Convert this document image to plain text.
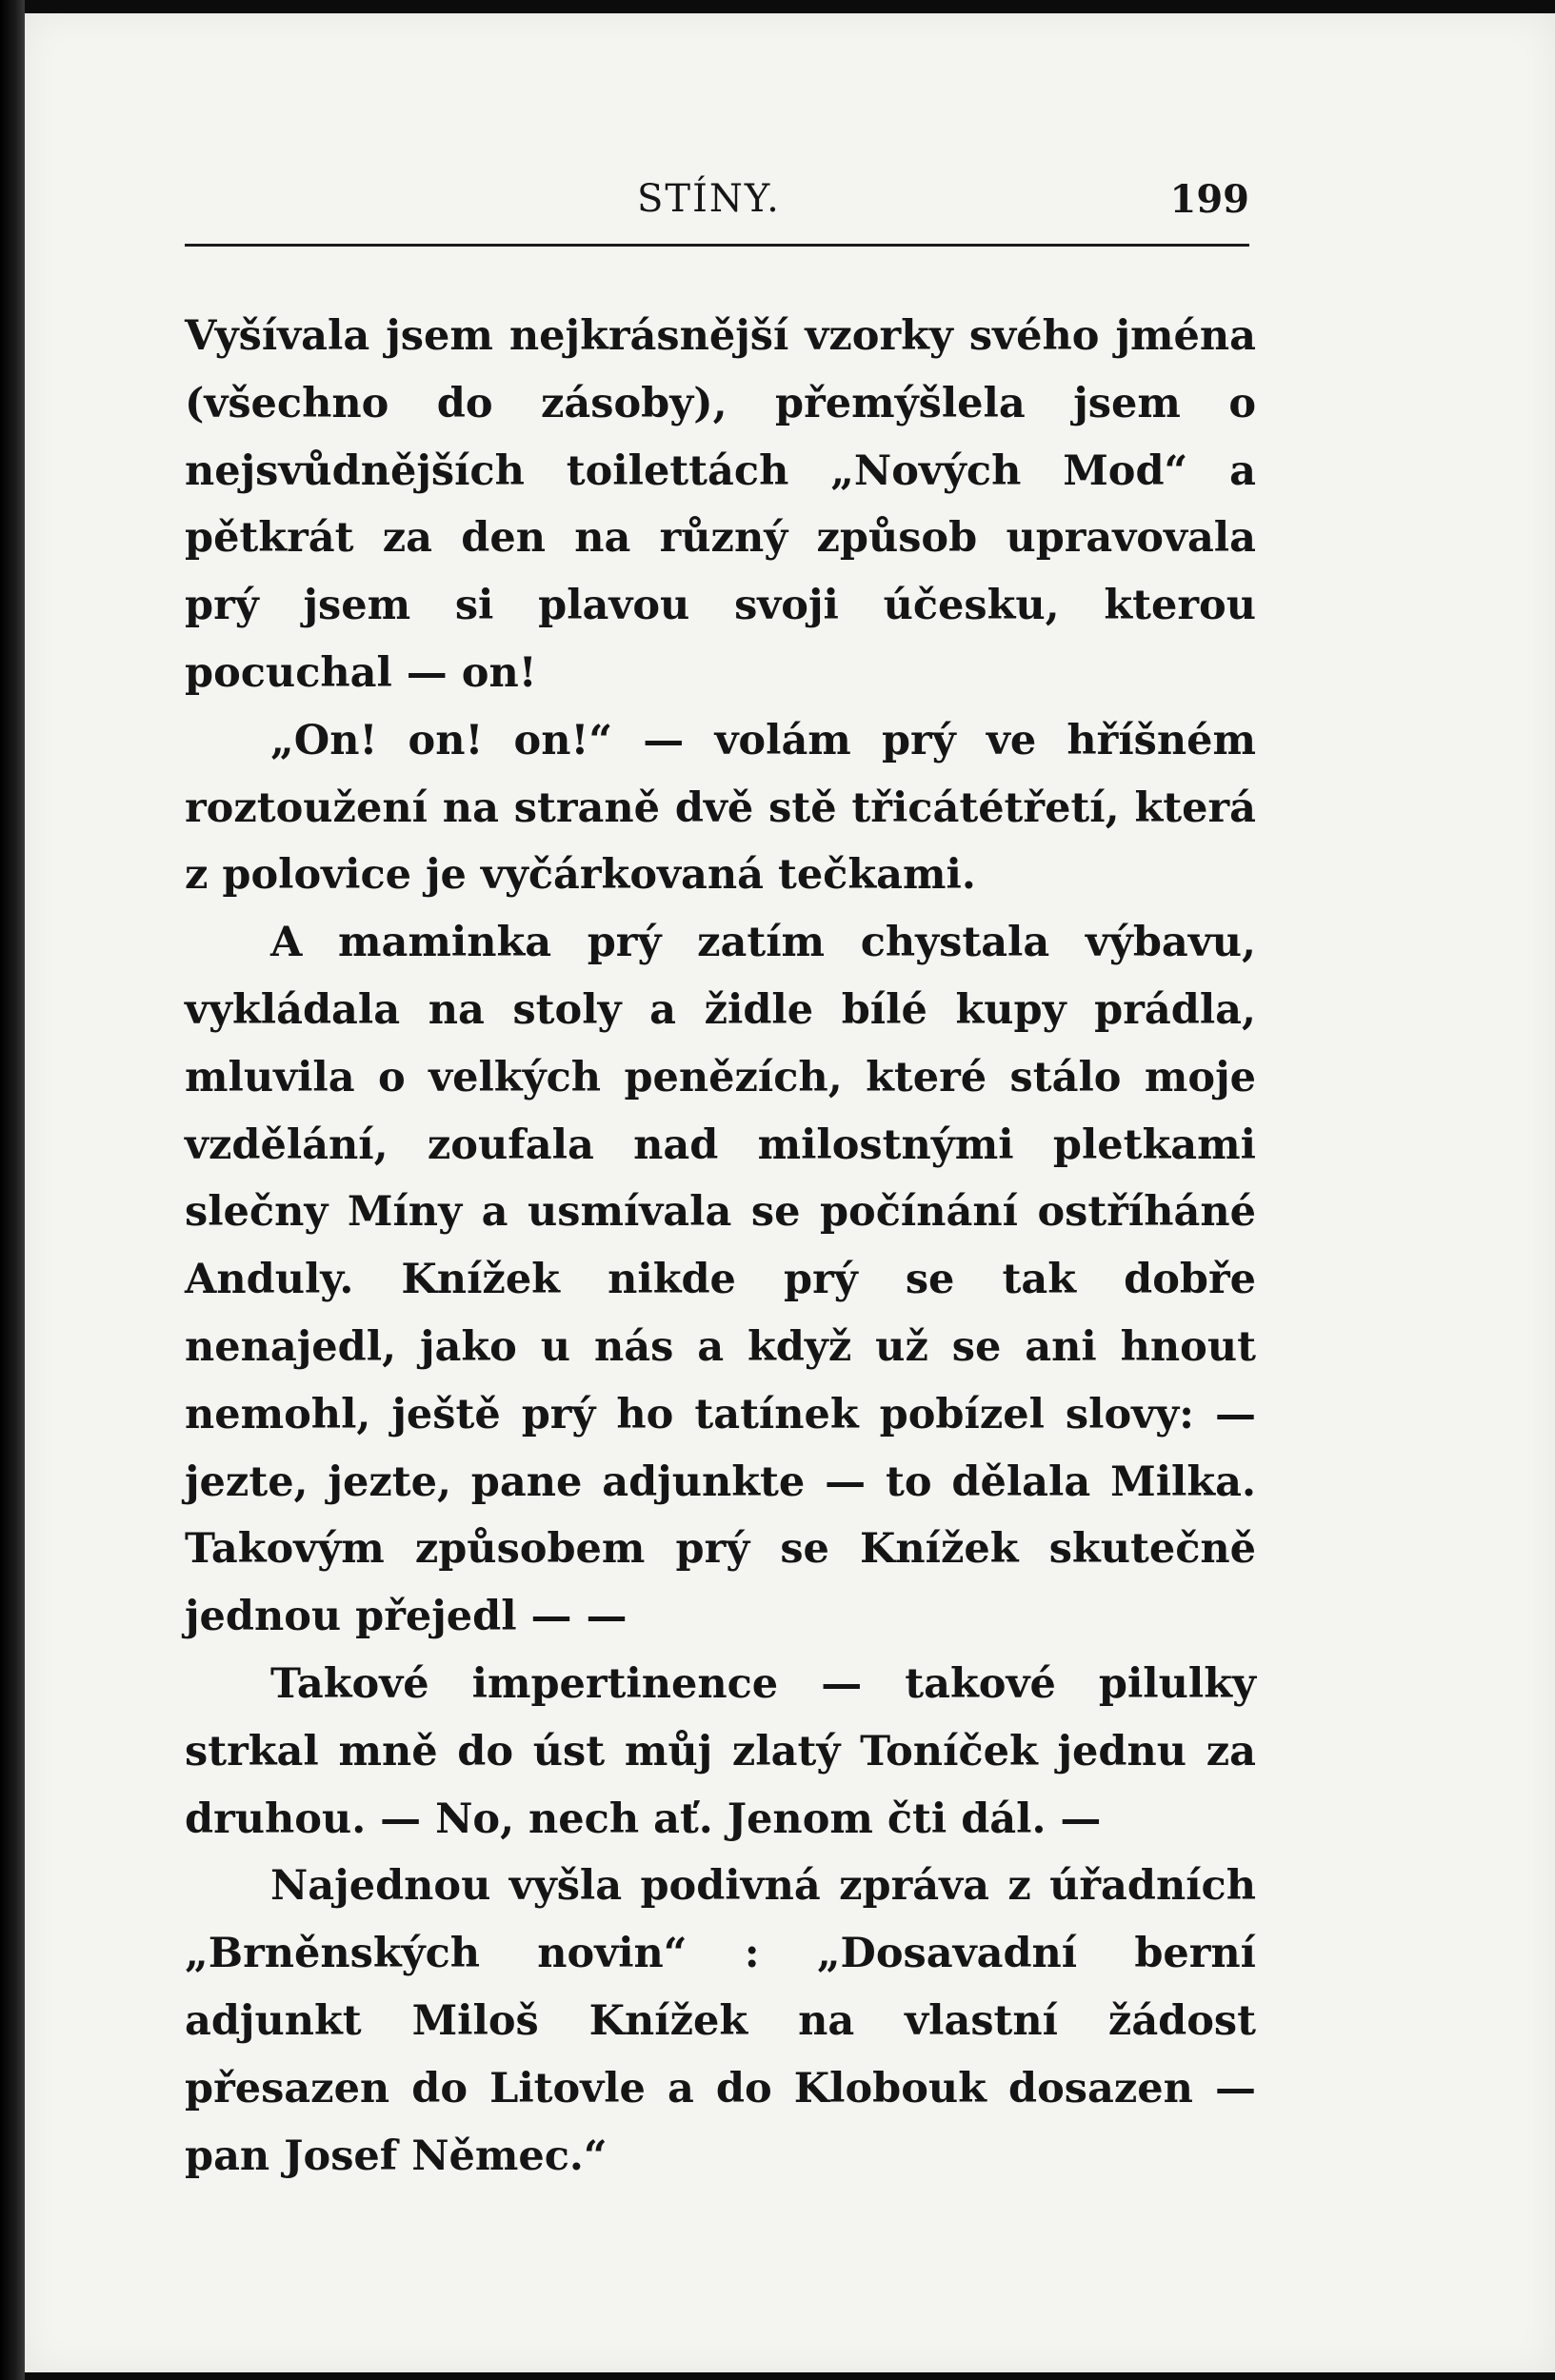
STÍNY.	199

Vyšívala jsem nejkrásnější vzorky svého jména (všechno do zásoby), přemýšlela jsem o nejsvůdnějších toilettách „Nových Mod“ a pětkrát za den na různý způsob upravovala prý jsem si plavou svoji účesku, kterou pocuchal — on!

„On! on! on!“ — volám prý ve hříšném roztoužení na straně dvě stě třicátétřetí, která z polovice je vyčárkovaná tečkami.

A maminka prý zatím chystala výbavu, vykládala na stoly a židle bílé kupy prádla, mluvila o velkých penězích, které stálo moje vzdělání, zoufala nad milostnými pletkami slečny Míny a usmívala se počínání ostříháné Anduly. Knížek nikde prý se tak dobře nenajedl, jako u nás a když už se ani hnout nemohl, ještě prý ho tatínek pobízel slovy: — jezte, jezte, pane adjunkte — to dělala Milka. Takovým způsobem prý se Knížek skutečně jednou přejedl — —

Takové impertinence — takové pilulky strkal mně do úst můj zlatý Toníček jednu za druhou. — No, nech ať. Jenom čti dál. —

Najednou vyšla podivná zpráva z úřadních „Brněnských novin“ : „Dosavadní berní adjunkt Miloš Knížek na vlastní žádost přesazen do Litovle a do Klobouk dosazen — pan Josef Němec.“
